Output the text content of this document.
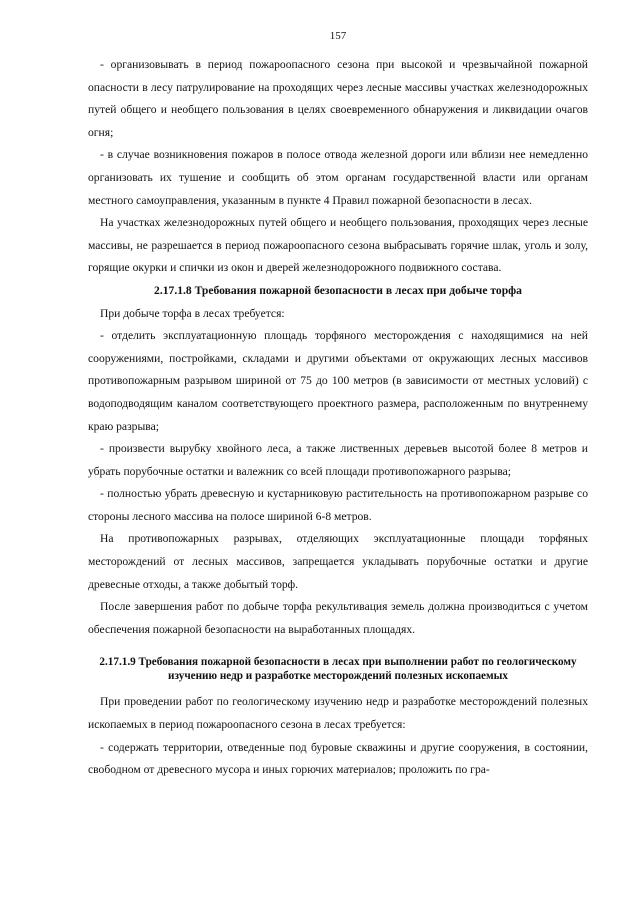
157

- организовывать в период пожароопасного сезона при высокой и чрезвычайной пожарной опасности в лесу патрулирование на проходящих через лесные массивы участках железнодорожных путей общего и необщего пользования в целях своевременного обнаружения и ликвидации очагов огня;

- в случае возникновения пожаров в полосе отвода железной дороги или вблизи нее немедленно организовать их тушение и сообщить об этом органам государственной власти или органам местного самоуправления, указанным в пункте 4 Правил пожарной безопасности в лесах.

На участках железнодорожных путей общего и необщего пользования, проходящих через лесные массивы, не разрешается в период пожароопасного сезона выбрасывать горячие шлак, уголь и золу, горящие окурки и спички из окон и дверей железнодорожного подвижного состава.

2.17.1.8 Требования пожарной безопасности в лесах при добыче торфа

При добыче торфа в лесах требуется:

- отделить эксплуатационную площадь торфяного месторождения с находящимися на ней сооружениями, постройками, складами и другими объектами от окружающих лесных массивов противопожарным разрывом шириной от 75 до 100 метров (в зависимости от местных условий) с водоподводящим каналом соответствующего проектного размера, расположенным по внутреннему краю разрыва;

- произвести вырубку хвойного леса, а также лиственных деревьев высотой более 8 метров и убрать порубочные остатки и валежник со всей площади противопожарного разрыва;

- полностью убрать древесную и кустарниковую растительность на противопожарном разрыве со стороны лесного массива на полосе шириной 6-8 метров.

На противопожарных разрывах, отделяющих эксплуатационные площади торфяных месторождений от лесных массивов, запрещается укладывать порубочные остатки и другие древесные отходы, а также добытый торф.

После завершения работ по добыче торфа рекультивация земель должна производиться с учетом обеспечения пожарной безопасности на выработанных площадях.

2.17.1.9 Требования пожарной безопасности в лесах при выполнении работ по геологическому изучению недр и разработке месторождений полезных ископаемых

При проведении работ по геологическому изучению недр и разработке месторождений полезных ископаемых в период пожароопасного сезона в лесах требуется:

- содержать территории, отведенные под буровые скважины и другие сооружения, в состоянии, свободном от древесного мусора и иных горючих материалов; проложить по гра-
